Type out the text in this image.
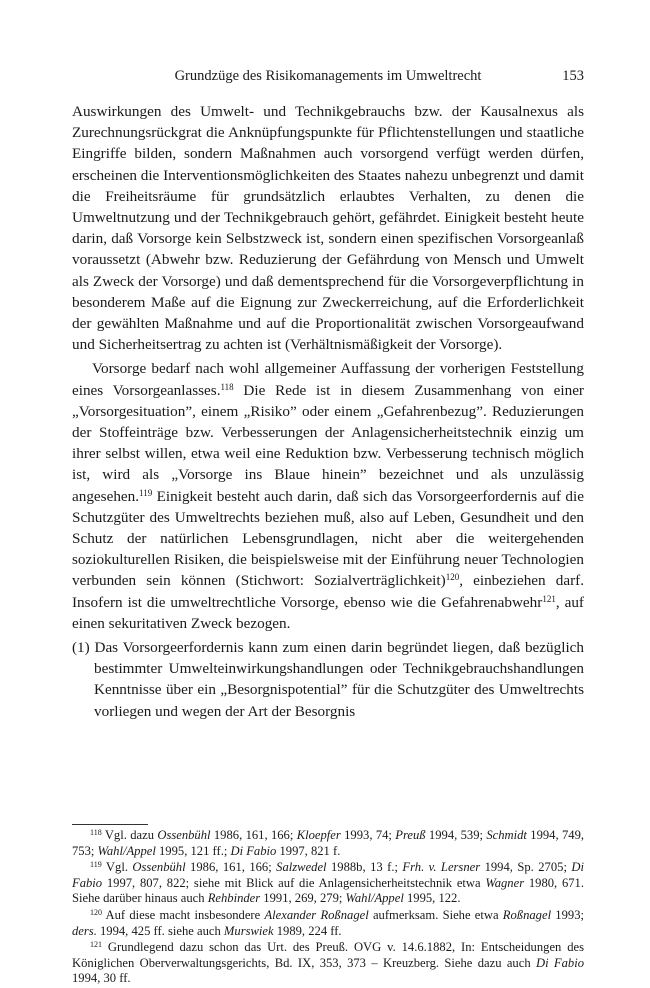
Grundzüge des Risikomanagements im Umweltrecht	153

Auswirkungen des Umwelt- und Technikgebrauchs bzw. der Kausalnexus als Zurechnungsrückgrat die Anknüpfungspunkte für Pflichtenstellungen und staatliche Eingriffe bilden, sondern Maßnahmen auch vorsorgend verfügt werden dürfen, erscheinen die Interventionsmöglichkeiten des Staates nahezu unbegrenzt und damit die Freiheitsräume für grundsätzlich erlaubtes Verhalten, zu denen die Umweltnutzung und der Technikgebrauch gehört, gefährdet. Einigkeit besteht heute darin, daß Vorsorge kein Selbstzweck ist, sondern einen spezifischen Vorsorgeanlaß voraussetzt (Abwehr bzw. Reduzierung der Gefährdung von Mensch und Umwelt als Zweck der Vorsorge) und daß dementsprechend für die Vorsorgeverpflichtung in besonderem Maße auf die Eignung zur Zweckerreichung, auf die Erforderlichkeit der gewählten Maßnahme und auf die Proportionalität zwischen Vorsorgeaufwand und Sicherheitsertrag zu achten ist (Verhältnismäßigkeit der Vorsorge).

Vorsorge bedarf nach wohl allgemeiner Auffassung der vorherigen Feststellung eines Vorsorgeanlasses.$^{118}$ Die Rede ist in diesem Zusammenhang von einer „Vorsorgesituation”, einem „Risiko” oder einem „Gefahrenbezug”. Reduzierungen der Stoffeinträge bzw. Verbesserungen der Anlagensicherheitstechnik einzig um ihrer selbst willen, etwa weil eine Reduktion bzw. Verbesserung technisch möglich ist, wird als „Vorsorge ins Blaue hinein” bezeichnet und als unzulässig angesehen.$^{119}$ Einigkeit besteht auch darin, daß sich das Vorsorgeerfordernis auf die Schutzgüter des Umweltrechts beziehen muß, also auf Leben, Gesundheit und den Schutz der natürlichen Lebensgrundlagen, nicht aber die weitergehenden soziokulturellen Risiken, die beispielsweise mit der Einführung neuer Technologien verbunden sein können (Stichwort: Sozialverträglichkeit)$^{120}$, einbeziehen darf. Insofern ist die umweltrechtliche Vorsorge, ebenso wie die Gefahrenabwehr$^{121}$, auf einen sekuritativen Zweck bezogen.

(1) Das Vorsorgeerfordernis kann zum einen darin begründet liegen, daß bezüglich bestimmter Umwelteinwirkungshandlungen oder Technikgebrauchshandlungen Kenntnisse über ein „Besorgnispotential” für die Schutzgüter des Umweltrechts vorliegen und wegen der Art der Besorgnis

$^{118}$ Vgl. dazu Ossenbühl 1986, 161, 166; Kloepfer 1993, 74; Preuß 1994, 539; Schmidt 1994, 749, 753; Wahl/Appel 1995, 121 ff.; Di Fabio 1997, 821 f.

$^{119}$ Vgl. Ossenbühl 1986, 161, 166; Salzwedel 1988b, 13 f.; Frh. v. Lersner 1994, Sp. 2705; Di Fabio 1997, 807, 822; siehe mit Blick auf die Anlagensicherheitstechnik etwa Wagner 1980, 671. Siehe darüber hinaus auch Rehbinder 1991, 269, 279; Wahl/Appel 1995, 122.

$^{120}$ Auf diese macht insbesondere Alexander Roßnagel aufmerksam. Siehe etwa Roßnagel 1993; ders. 1994, 425 ff. siehe auch Murswiek 1989, 224 ff.

$^{121}$ Grundlegend dazu schon das Urt. des Preuß. OVG v. 14.6.1882, In: Entscheidungen des Königlichen Oberverwaltungsgerichts, Bd. IX, 353, 373 – Kreuzberg. Siehe dazu auch Di Fabio 1994, 30 ff.
